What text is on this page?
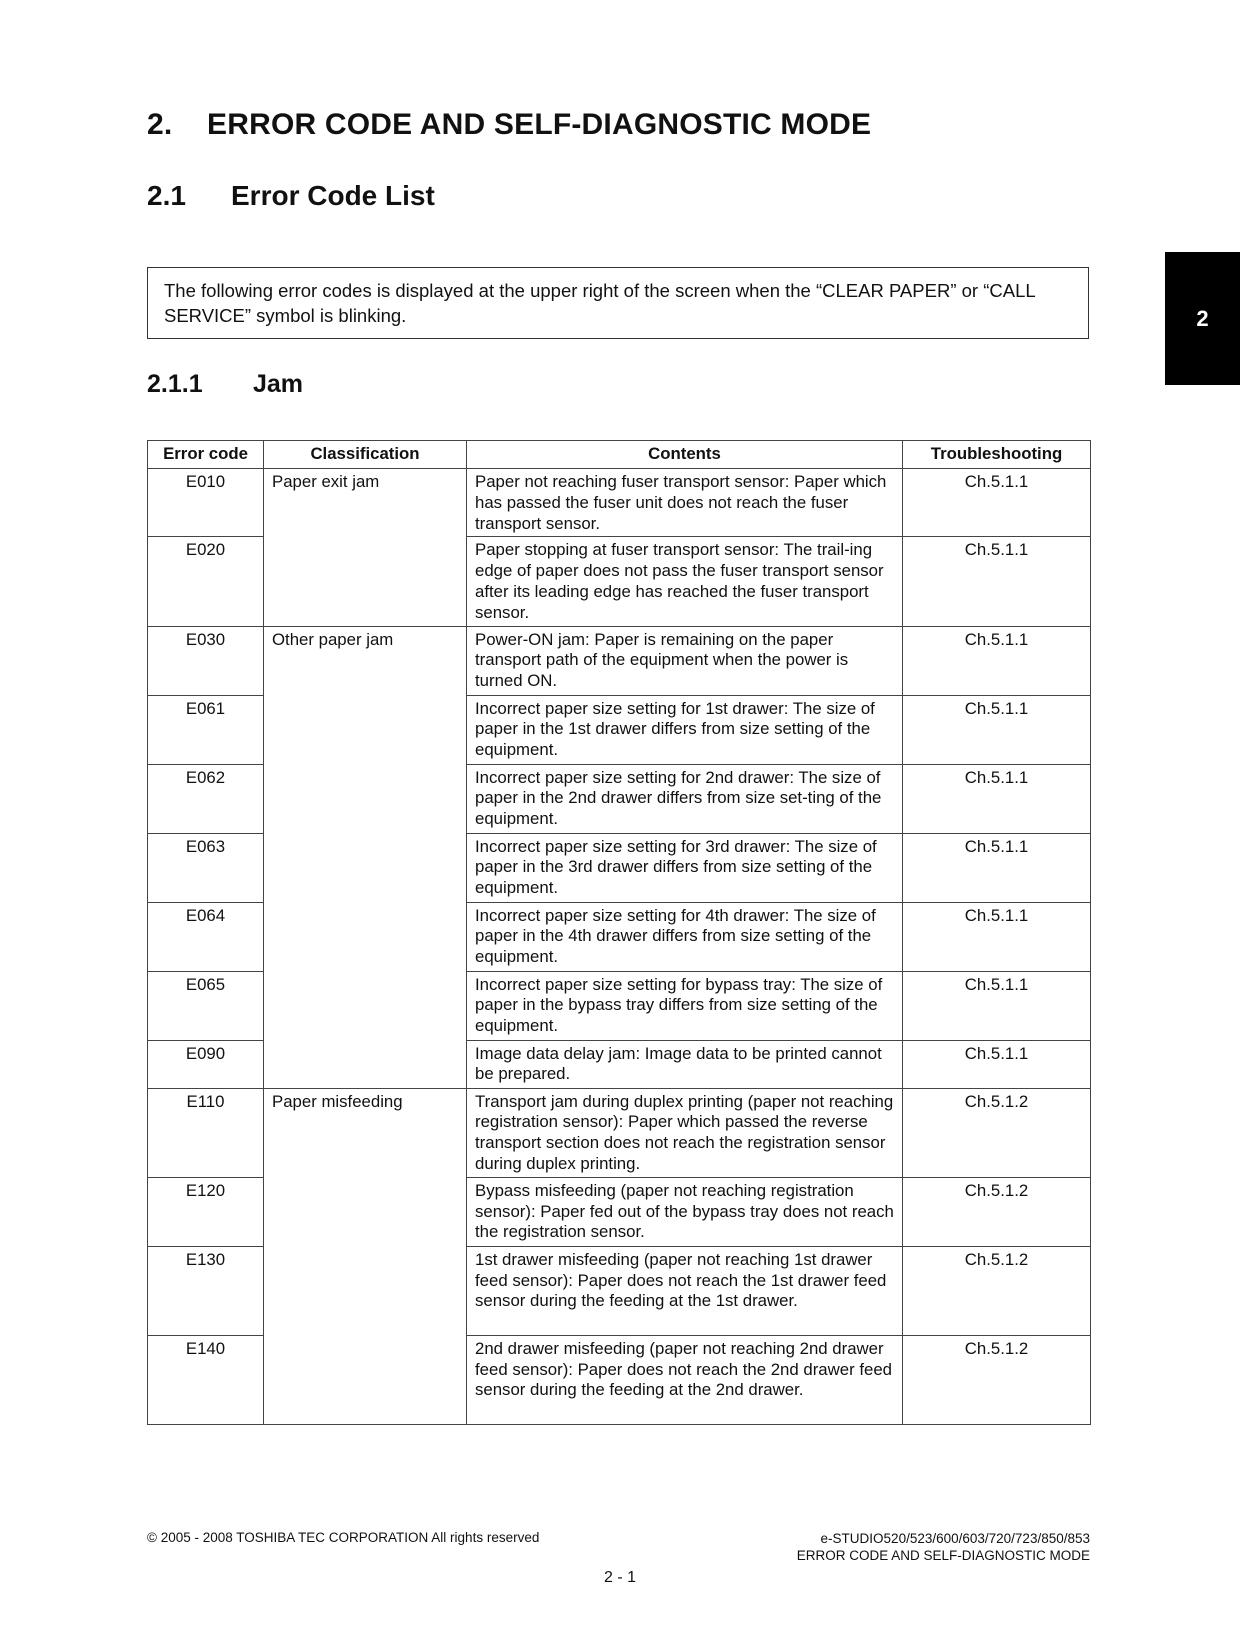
2. ERROR CODE AND SELF-DIAGNOSTIC MODE
2.1 Error Code List
The following error codes is displayed at the upper right of the screen when the “CLEAR PAPER” or “CALL SERVICE” symbol is blinking.	2
2.1.1 Jam
Error code	Classification	Contents	Troubleshooting
E010	Paper exit jam	Paper not reaching fuser transport sensor: Paper which has passed the fuser unit does not reach the fuser transport sensor.	Ch.5.1.1
E020		Paper stopping at fuser transport sensor: The trail-ing edge of paper does not pass the fuser transport sensor after its leading edge has reached the fuser transport sensor.	Ch.5.1.1
E030	Other paper jam	Power-ON jam: Paper is remaining on the paper transport path of the equipment when the power is turned ON.	Ch.5.1.1
E061		Incorrect paper size setting for 1st drawer: The size of paper in the 1st drawer differs from size setting of the equipment.	Ch.5.1.1
E062		Incorrect paper size setting for 2nd drawer: The size of paper in the 2nd drawer differs from size set-ting of the equipment.	Ch.5.1.1
E063		Incorrect paper size setting for 3rd drawer: The size of paper in the 3rd drawer differs from size setting of the equipment.	Ch.5.1.1
E064		Incorrect paper size setting for 4th drawer: The size of paper in the 4th drawer differs from size setting of the equipment.	Ch.5.1.1
E065		Incorrect paper size setting for bypass tray: The size of paper in the bypass tray differs from size setting of the equipment.	Ch.5.1.1
E090		Image data delay jam: Image data to be printed cannot be prepared.	Ch.5.1.1
E110	Paper misfeeding	Transport jam during duplex printing (paper not reaching registration sensor): Paper which passed the reverse transport section does not reach the registration sensor during duplex printing.	Ch.5.1.2
E120		Bypass misfeeding (paper not reaching registration sensor): Paper fed out of the bypass tray does not reach the registration sensor.	Ch.5.1.2
E130		1st drawer misfeeding (paper not reaching 1st drawer feed sensor): Paper does not reach the 1st drawer feed sensor during the feeding at the 1st drawer.	Ch.5.1.2
E140		2nd drawer misfeeding (paper not reaching 2nd drawer feed sensor): Paper does not reach the 2nd drawer feed sensor during the feeding at the 2nd drawer.	Ch.5.1.2
© 2005 - 2008 TOSHIBA TEC CORPORATION All rights reserved	e-STUDIO520/523/600/603/720/723/850/853
ERROR CODE AND SELF-DIAGNOSTIC MODE
2 - 1
